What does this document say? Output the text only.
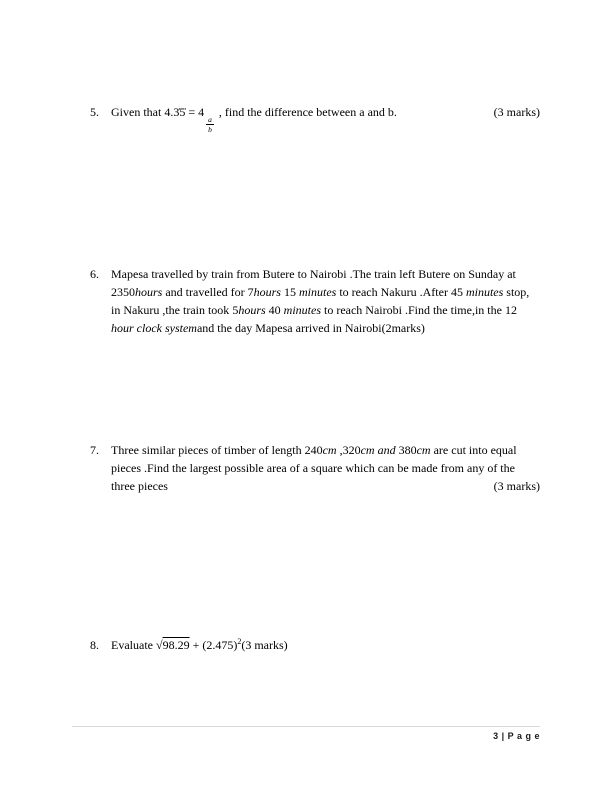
5.	Given that 4.3̇5̇ = 4
$\frac{a}{b}$
, find the difference between a and b.	(3 marks)
6.	Mapesa travelled by train from Butere to Nairobi .The train left Butere on Sunday at 2350hours and travelled for 7hours 15 minutes to reach Nakuru .After 45 minutes stop, in Nakuru ,the train took 5hours 40 minutes to reach Nairobi .Find the time,in the 12 hour clock systemand the day Mapesa arrived in Nairobi(2marks)
7.	Three similar pieces of timber of length 240cm ,320cm and 380cm are cut into equal pieces .Find the largest possible area of a square which can be made from any of the three pieces	(3 marks)
8.	Evaluate $√98.29 + (2.475)^2(3$ marks)
3 | P a g e
